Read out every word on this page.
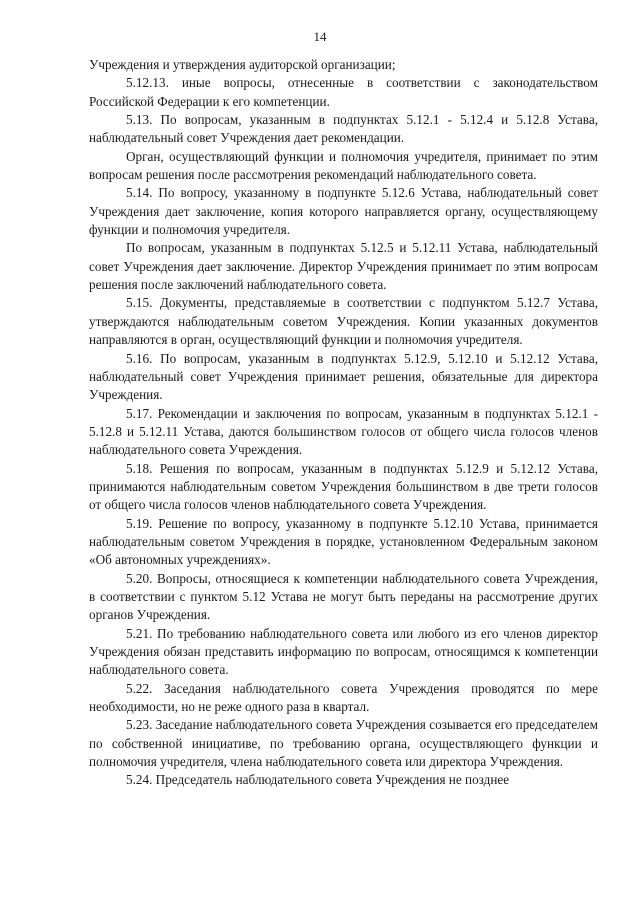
14

Учреждения и утверждения аудиторской организации;

5.12.13. иные вопросы, отнесенные в соответствии с законодательством Российской Федерации к его компетенции.

5.13. По вопросам, указанным в подпунктах 5.12.1 - 5.12.4 и 5.12.8 Устава, наблюдательный совет Учреждения дает рекомендации.

Орган, осуществляющий функции и полномочия учредителя, принимает по этим вопросам решения после рассмотрения рекомендаций наблюдательного совета.

5.14. По вопросу, указанному в подпункте 5.12.6 Устава, наблюдательный совет Учреждения дает заключение, копия которого направляется органу, осуществляющему функции и полномочия учредителя.

По вопросам, указанным в подпунктах 5.12.5 и 5.12.11 Устава, наблюдательный совет Учреждения дает заключение. Директор Учреждения принимает по этим вопросам решения после заключений наблюдательного совета.

5.15. Документы, представляемые в соответствии с подпунктом 5.12.7 Устава, утверждаются наблюдательным советом Учреждения. Копии указанных документов направляются в орган, осуществляющий функции и полномочия учредителя.

5.16. По вопросам, указанным в подпунктах 5.12.9, 5.12.10 и 5.12.12 Устава, наблюдательный совет Учреждения принимает решения, обязательные для директора Учреждения.

5.17. Рекомендации и заключения по вопросам, указанным в подпунктах 5.12.1 - 5.12.8 и 5.12.11 Устава, даются большинством голосов от общего числа голосов членов наблюдательного совета Учреждения.

5.18. Решения по вопросам, указанным в подпунктах 5.12.9 и 5.12.12 Устава, принимаются наблюдательным советом Учреждения большинством в две трети голосов от общего числа голосов членов наблюдательного совета Учреждения.

5.19. Решение по вопросу, указанному в подпункте 5.12.10 Устава, принимается наблюдательным советом Учреждения в порядке, установленном Федеральным законом «Об автономных учреждениях».

5.20. Вопросы, относящиеся к компетенции наблюдательного совета Учреждения, в соответствии с пунктом 5.12 Устава не могут быть переданы на рассмотрение других органов Учреждения.

5.21. По требованию наблюдательного совета или любого из его членов директор Учреждения обязан представить информацию по вопросам, относящимся к компетенции наблюдательного совета.

5.22. Заседания наблюдательного совета Учреждения проводятся по мере необходимости, но не реже одного раза в квартал.

5.23. Заседание наблюдательного совета Учреждения созывается его председателем по собственной инициативе, по требованию органа, осуществляющего функции и полномочия учредителя, члена наблюдательного совета или директора Учреждения.

5.24. Председатель наблюдательного совета Учреждения не позднее
